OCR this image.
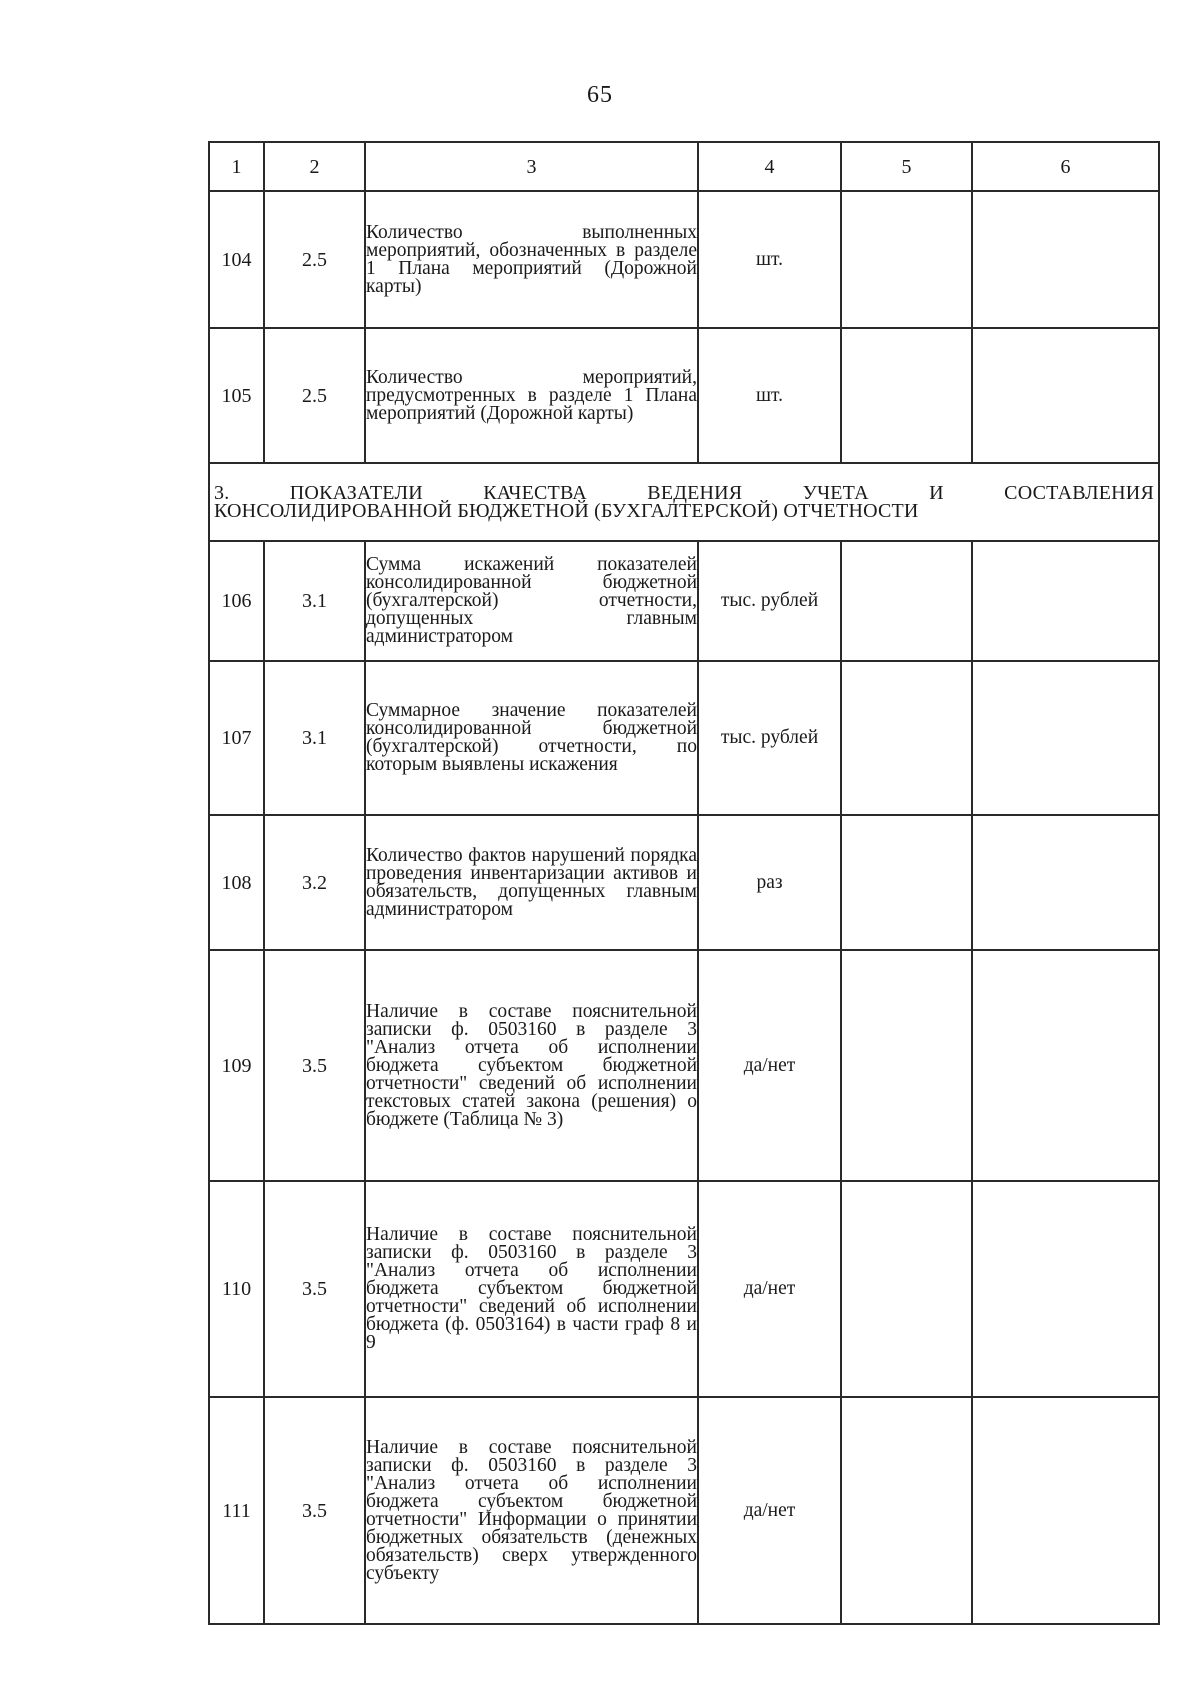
65
1	2	3	4	5	6
104	2.5	Количество выполненных мероприятий, обозначенных в разделе 1 Плана мероприятий (Дорожной карты)	шт.		
105	2.5	Количество мероприятий, предусмотренных в разделе 1 Плана мероприятий (Дорожной карты)	шт.		
3. ПОКАЗАТЕЛИ КАЧЕСТВА ВЕДЕНИЯ УЧЕТА И СОСТАВЛЕНИЯ
КОНСОЛИДИРОВАННОЙ БЮДЖЕТНОЙ (БУХГАЛТЕРСКОЙ) ОТЧЕТНОСТИ					

106	3.1	Сумма искажений показателей консолидированной бюджетной (бухгалтерской) отчетности, допущенных главным администратором	тыс. рублей		
107	3.1	Суммарное значение показателей консолидированной бюджетной (бухгалтерской) отчетности, по которым выявлены искажения	тыс. рублей		
108	3.2	Количество фактов нарушений порядка проведения инвентаризации активов и обязательств, допущенных главным администратором	раз		
109	3.5	Наличие в составе пояснительной записки ф. 0503160 в разделе 3 "Анализ отчета об исполнении бюджета субъектом бюджетной отчетности" сведений об исполнении текстовых статей закона (решения) о бюджете (Таблица № 3)	да/нет		
110	3.5	Наличие в составе пояснительной записки ф. 0503160 в разделе 3 "Анализ отчета об исполнении бюджета субъектом бюджетной отчетности" сведений об исполнении бюджета (ф. 0503164) в части граф 8 и 9	да/нет		
111	3.5	Наличие в составе пояснительной записки ф. 0503160 в разделе 3 "Анализ отчета об исполнении бюджета субъектом бюджетной отчетности" Информации о принятии бюджетных обязательств (денежных обязательств) сверх утвержденного субъекту	да/нет		
